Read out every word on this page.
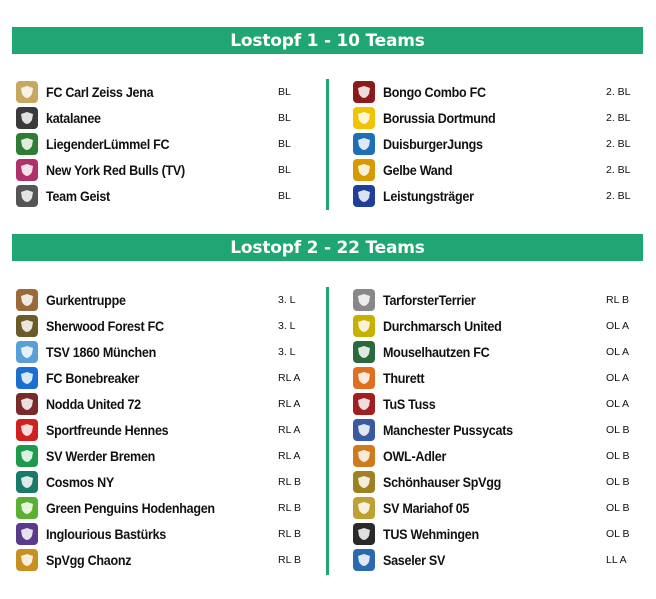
Lostopf 1 - 10 Teams
FC Carl Zeiss Jena	BL
katalanee	BL
LiegenderLümmel FC	BL
New York Red Bulls (TV)	BL
Team Geist	BL
Bongo Combo FC	2. BL
Borussia Dortmund	2. BL
DuisburgerJungs	2. BL
Gelbe Wand	2. BL
Leistungsträger	2. BL
Lostopf 2 - 22 Teams
Gurkentruppe	3. L
Sherwood Forest FC	3. L
TSV 1860 München	3. L
FC Bonebreaker	RL A
Nodda United 72	RL A
Sportfreunde Hennes	RL A
SV Werder Bremen	RL A
Cosmos NY	RL B
Green Penguins Hodenhagen	RL B
Inglourious Bastürks	RL B
SpVgg Chaonz	RL B
TarforsterTerrier	RL B
Durchmarsch United	OL A
Mouselhautzen FC	OL A
Thurett	OL A
TuS Tuss	OL A
Manchester Pussycats	OL B
OWL-Adler	OL B
Schönhauser SpVgg	OL B
SV Mariahof 05	OL B
TUS Wehmingen	OL B
Saseler SV	LL A
